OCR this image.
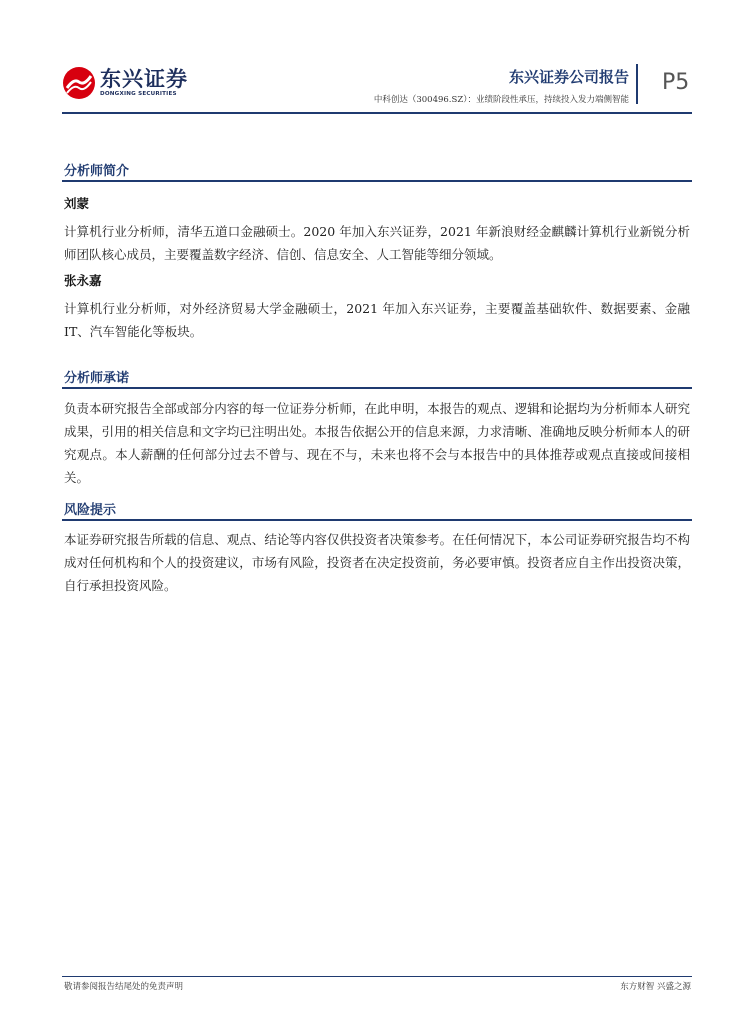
东兴证券
DONGXING SECURITIES
东兴证券公司报告
中科创达（300496.SZ）：业绩阶段性承压，持续投入发力端侧智能
P5
分析师简介
刘蒙
计算机行业分析师，清华五道口金融硕士。2020 年加入东兴证券，2021 年新浪财经金麒麟计算机行业新锐分析师团队核心成员，主要覆盖数字经济、信创、信息安全、人工智能等细分领域。
张永嘉
计算机行业分析师，对外经济贸易大学金融硕士，2021 年加入东兴证券，主要覆盖基础软件、数据要素、金融 IT、汽车智能化等板块。
分析师承诺
负责本研究报告全部或部分内容的每一位证券分析师，在此申明，本报告的观点、逻辑和论据均为分析师本人研究成果，引用的相关信息和文字均已注明出处。本报告依据公开的信息来源，力求清晰、准确地反映分析师本人的研究观点。本人薪酬的任何部分过去不曾与、现在不与，未来也将不会与本报告中的具体推荐或观点直接或间接相关。
风险提示
本证券研究报告所载的信息、观点、结论等内容仅供投资者决策参考。在任何情况下，本公司证券研究报告均不构成对任何机构和个人的投资建议，市场有风险，投资者在决定投资前，务必要审慎。投资者应自主作出投资决策，自行承担投资风险。
敬请参阅报告结尾处的免责声明	东方财智 兴盛之源
